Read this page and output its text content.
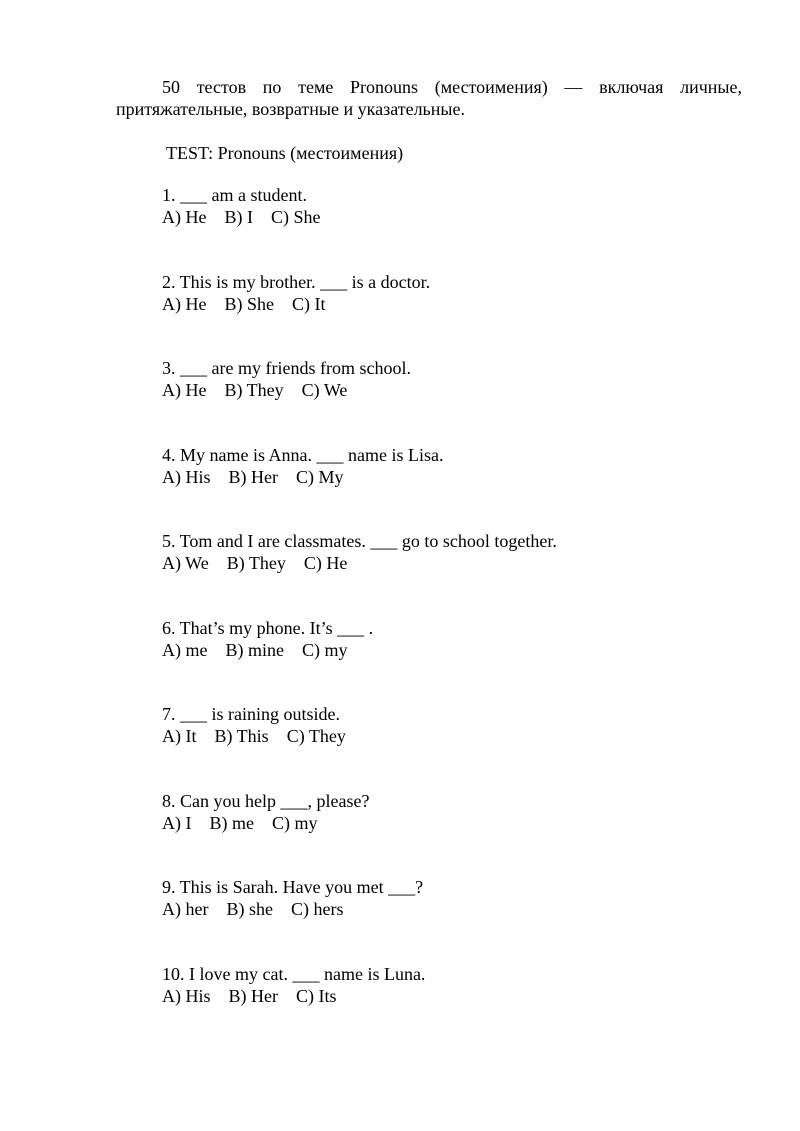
50 тестов по теме Pronouns (местоимения) — включая личные, притяжательные, возвратные и указательные.

TEST: Pronouns (местоимения)
1. ___ am a student.
A) He B) I C) She
2. This is my brother. ___ is a doctor.
A) He B) She C) It
3. ___ are my friends from school.
A) He B) They C) We
4. My name is Anna. ___ name is Lisa.
A) His B) Her C) My
5. Tom and I are classmates. ___ go to school together.
A) We B) They C) He
6. That’s my phone. It’s ___ .
A) me B) mine C) my
7. ___ is raining outside.
A) It B) This C) They
8. Can you help ___, please?
A) I B) me C) my
9. This is Sarah. Have you met ___?
A) her B) she C) hers
10. I love my cat. ___ name is Luna.
A) His B) Her C) Its
